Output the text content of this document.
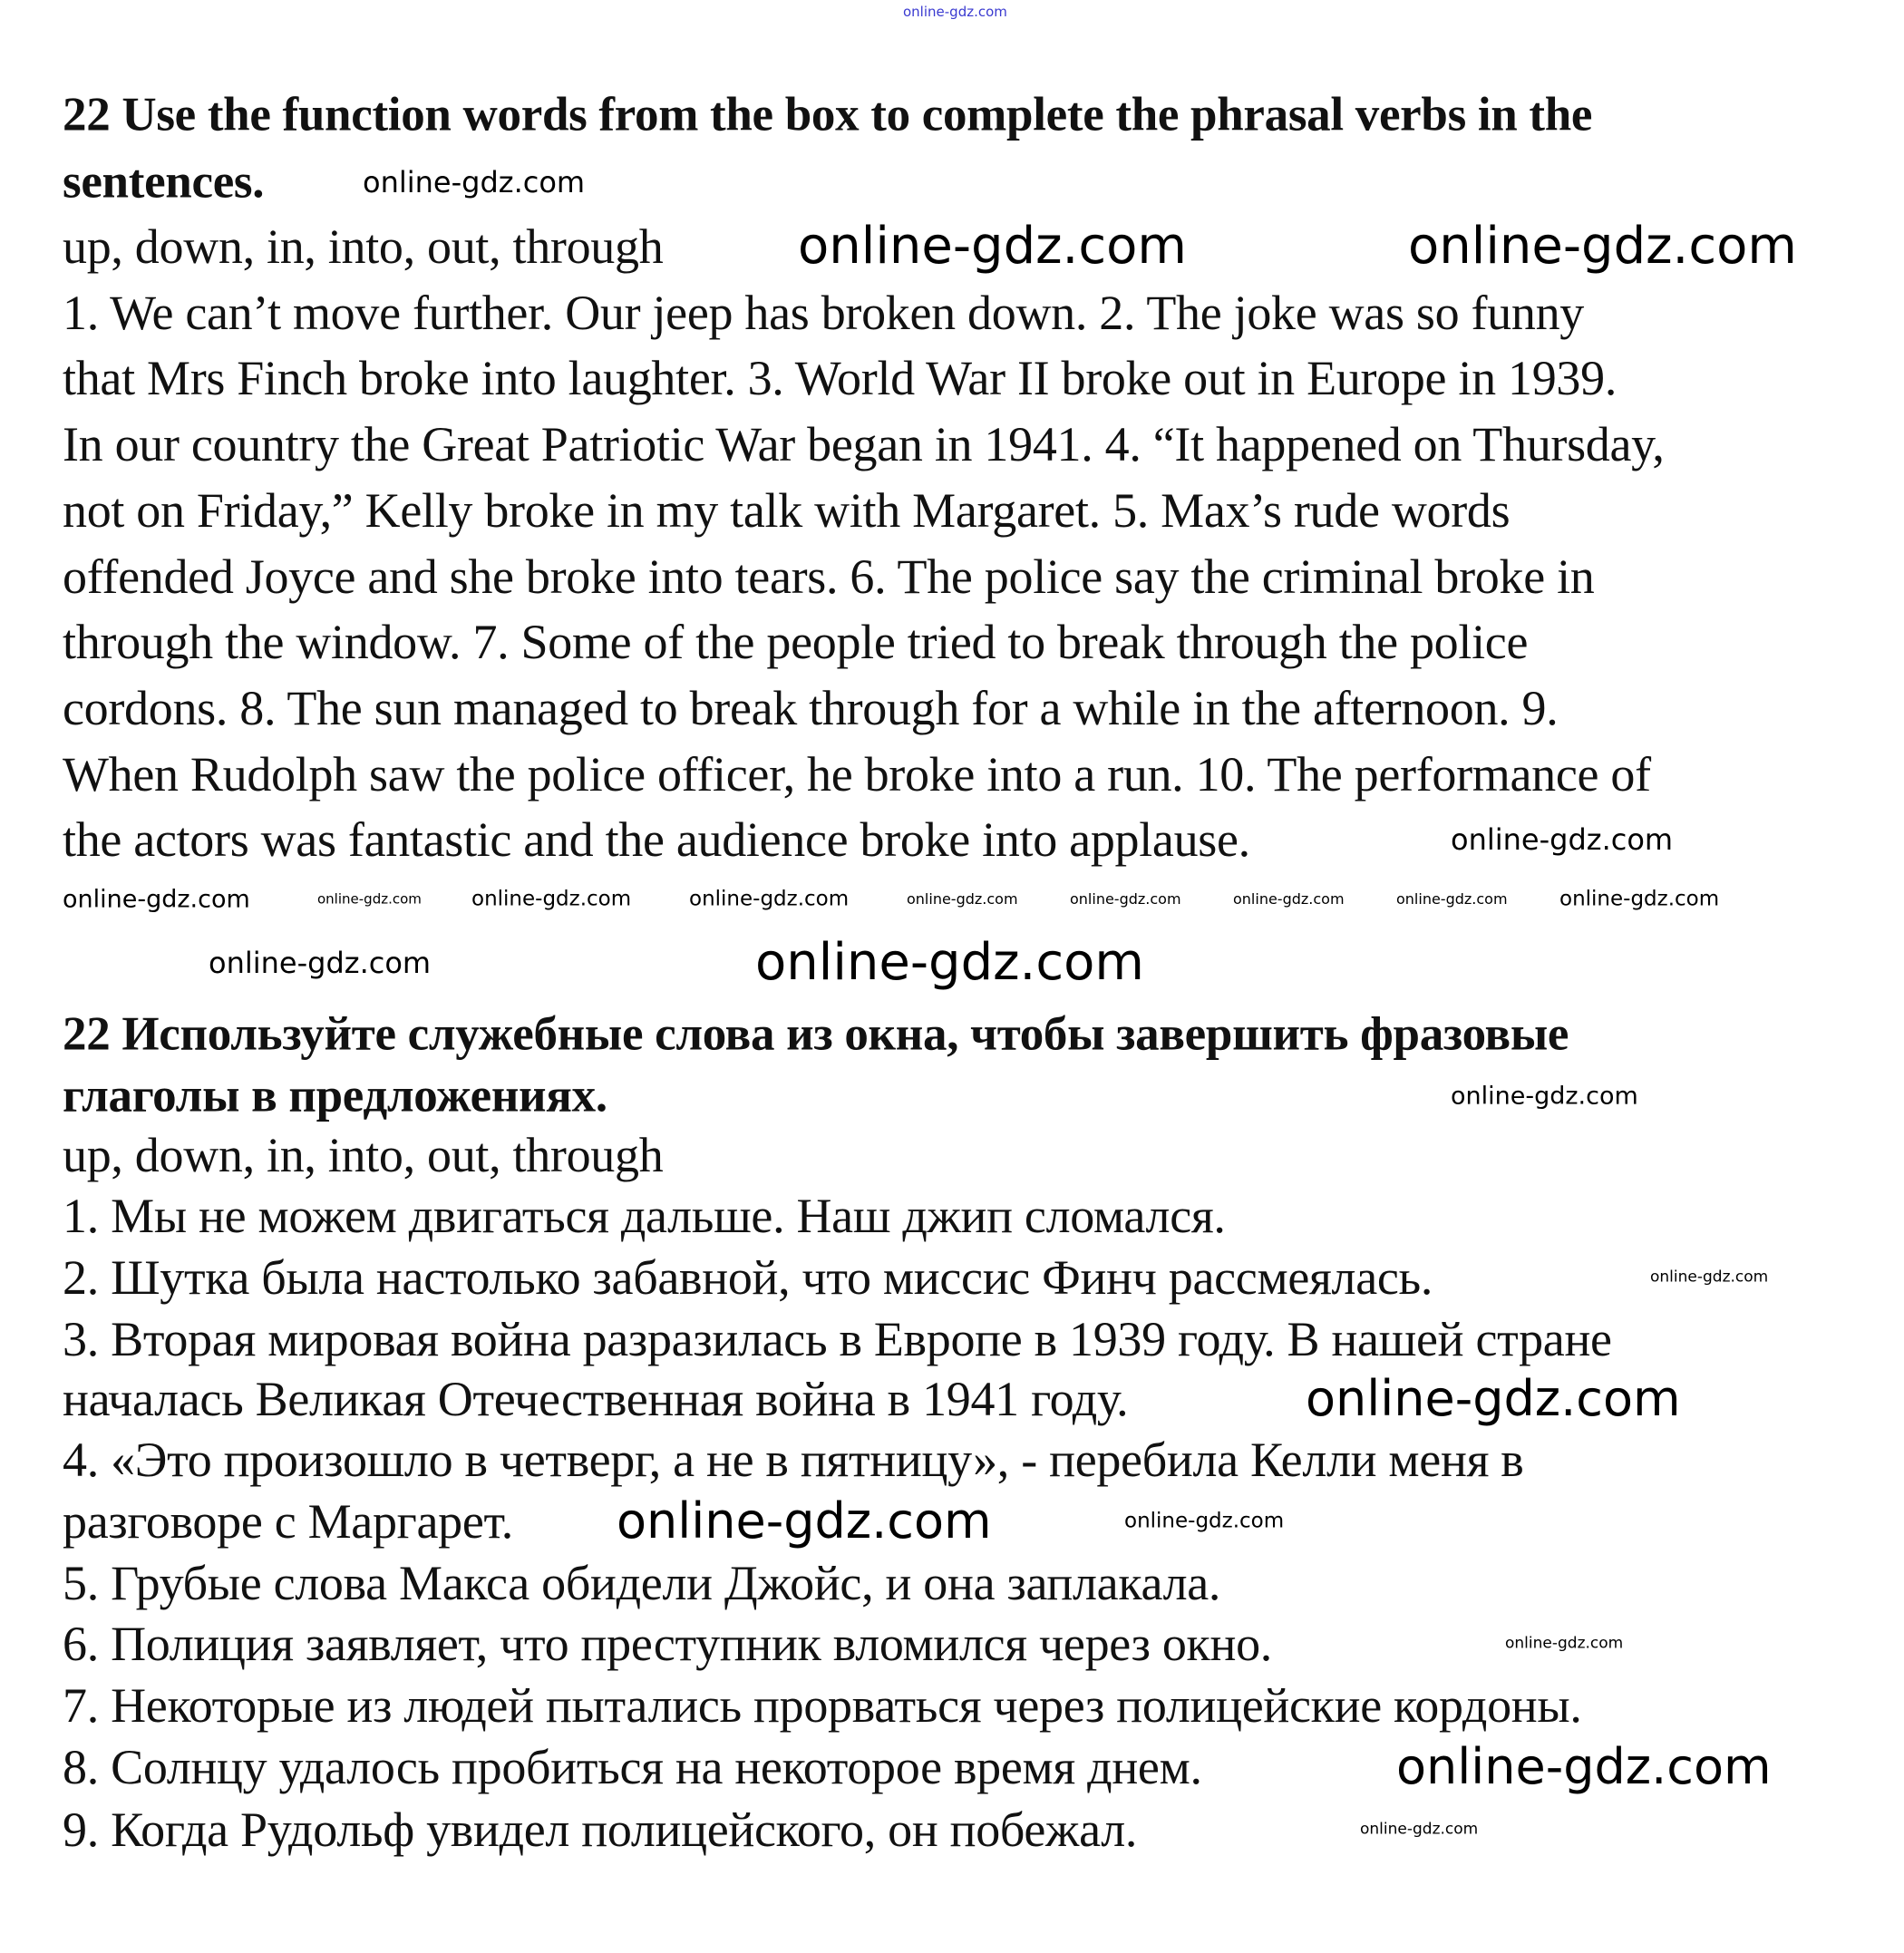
online-gdz.com
22 Use the function words from the box to complete the phrasal verbs in the
sentences.
up, down, in, into, out, through
1. We can’t move further. Our jeep has broken down. 2. The joke was so funny
that Mrs Finch broke into laughter. 3. World War II broke out in Europe in 1939.
In our country the Great Patriotic War began in 1941. 4. “It happened on Thursday,
not on Friday,” Kelly broke in my talk with Margaret. 5. Max’s rude words
offended Joyce and she broke into tears. 6. The police say the criminal broke in
through the window. 7. Some of the people tried to break through the police
cordons. 8. The sun managed to break through for a while in the afternoon. 9.
When Rudolph saw the police officer, he broke into a run. 10. The performance of
the actors was fantastic and the audience broke into applause.
22 Используйте служебные слова из окна, чтобы завершить фразовые
глаголы в предложениях.
up, down, in, into, out, through
1. Мы не можем двигаться дальше. Наш джип сломался.
2. Шутка была настолько забавной, что миссис Финч рассмеялась.
3. Вторая мировая война разразилась в Европе в 1939 году. В нашей стране
началась Великая Отечественная война в 1941 году.
4. «Это произошло в четверг, а не в пятницу», - перебила Келли меня в
разговоре с Маргарет.
5. Грубые слова Макса обидели Джойс, и она заплакала.
6. Полиция заявляет, что преступник вломился через окно.
7. Некоторые из людей пытались прорваться через полицейские кордоны.
8. Солнцу удалось пробиться на некоторое время днем.
9. Когда Рудольф увидел полицейского, он побежал.
online-gdz.com
online-gdz.com	online-gdz.com
online-gdz.com	online-gdz.com online-gdz.com	online-gdz.com	online-gdz.com	online-gdz.com	online-gdz.com	online-gdz.com online-gdz.com
online-gdz.com
online-gdz.com	online-gdz.com
online-gdz.com
online-gdz.com
online-gdz.com
online-gdz.com
online-gdz.com
online-gdz.com
online-gdz.com
online-gdz.com
